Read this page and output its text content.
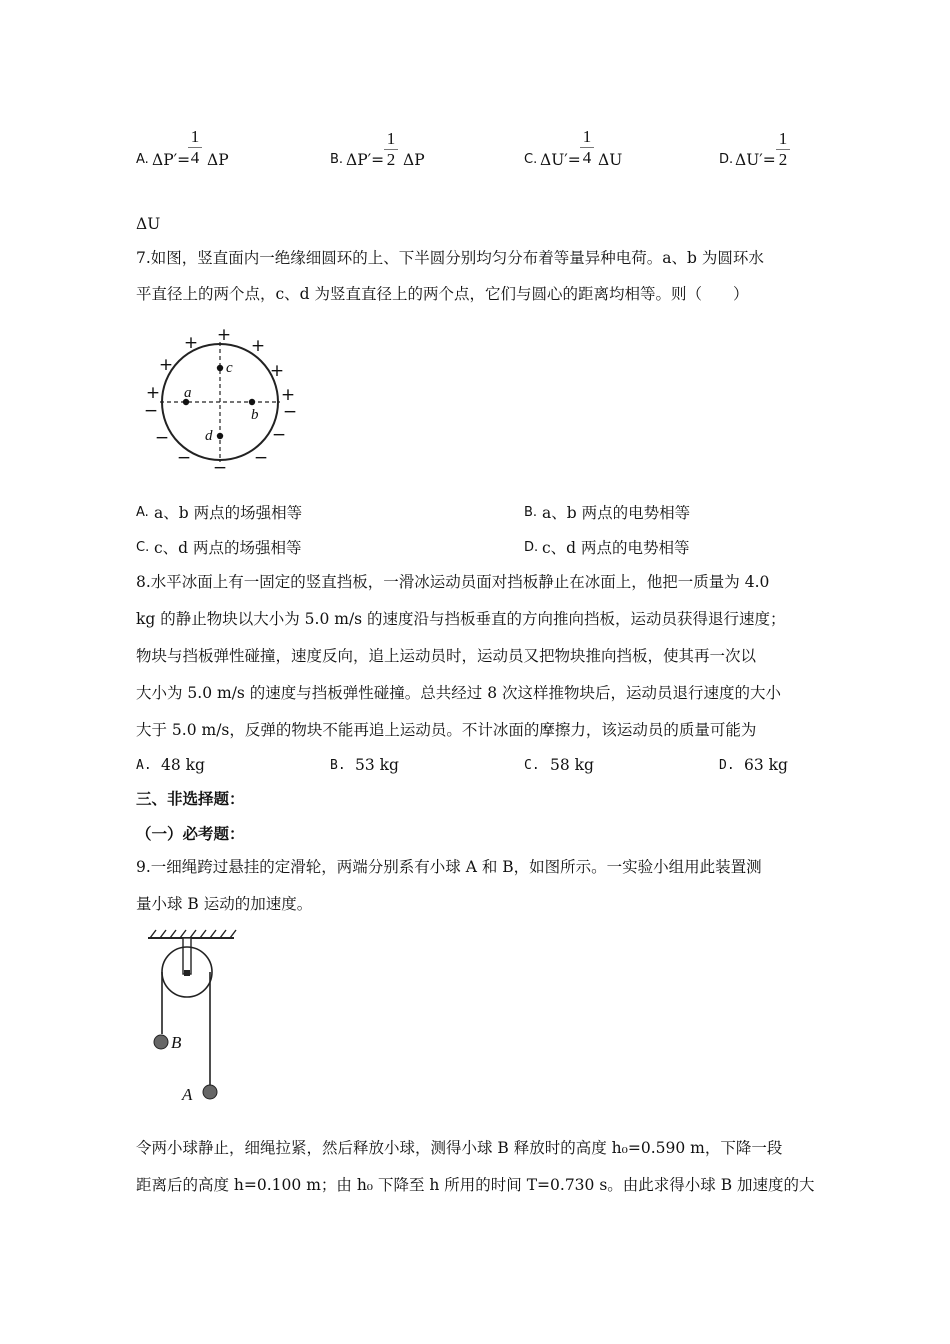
A. ΔP′=
1
4 ΔP	B. ΔP′=
1
2 ΔP	C. ΔU′=
1
4 ΔU	D. ΔU′=
1
2
ΔU
7.如图，竖直面内一绝缘细圆环的上、下半圆分别均匀分布着等量异种电荷。a、b 为圆环水
平直径上的两个点，c、d 为竖直直径上的两个点，它们与圆心的距离均相等。则（　　）
a
b
c
d
+
+	+
+	+
+	+
−	−
−	−
−	−
−
A. a、b 两点的场强相等	B. a、b 两点的电势相等
C. c、d 两点的场强相等	D. c、d 两点的电势相等
8.水平冰面上有一固定的竖直挡板，一滑冰运动员面对挡板静止在冰面上，他把一质量为 4.0
kg 的静止物块以大小为 5.0 m/s 的速度沿与挡板垂直的方向推向挡板，运动员获得退行速度；
物块与挡板弹性碰撞，速度反向，追上运动员时，运动员又把物块推向挡板，使其再一次以
大小为 5.0 m/s 的速度与挡板弹性碰撞。总共经过 8 次这样推物块后，运动员退行速度的大小
大于 5.0 m/s，反弹的物块不能再追上运动员。不计冰面的摩擦力，该运动员的质量可能为
A. 48 kg	B. 53 kg	C. 58 kg	D. 63 kg
三、非选择题：
（一）必考题：
9.一细绳跨过悬挂的定滑轮，两端分别系有小球 A 和 B，如图所示。一实验小组用此装置测
量小球 B 运动的加速度。
B
A
令两小球静止，细绳拉紧，然后释放小球，测得小球 B 释放时的高度 h₀=0.590 m，下降一段
距离后的高度 h=0.100 m；由 h₀ 下降至 h 所用的时间 T=0.730 s。由此求得小球 B 加速度的大
